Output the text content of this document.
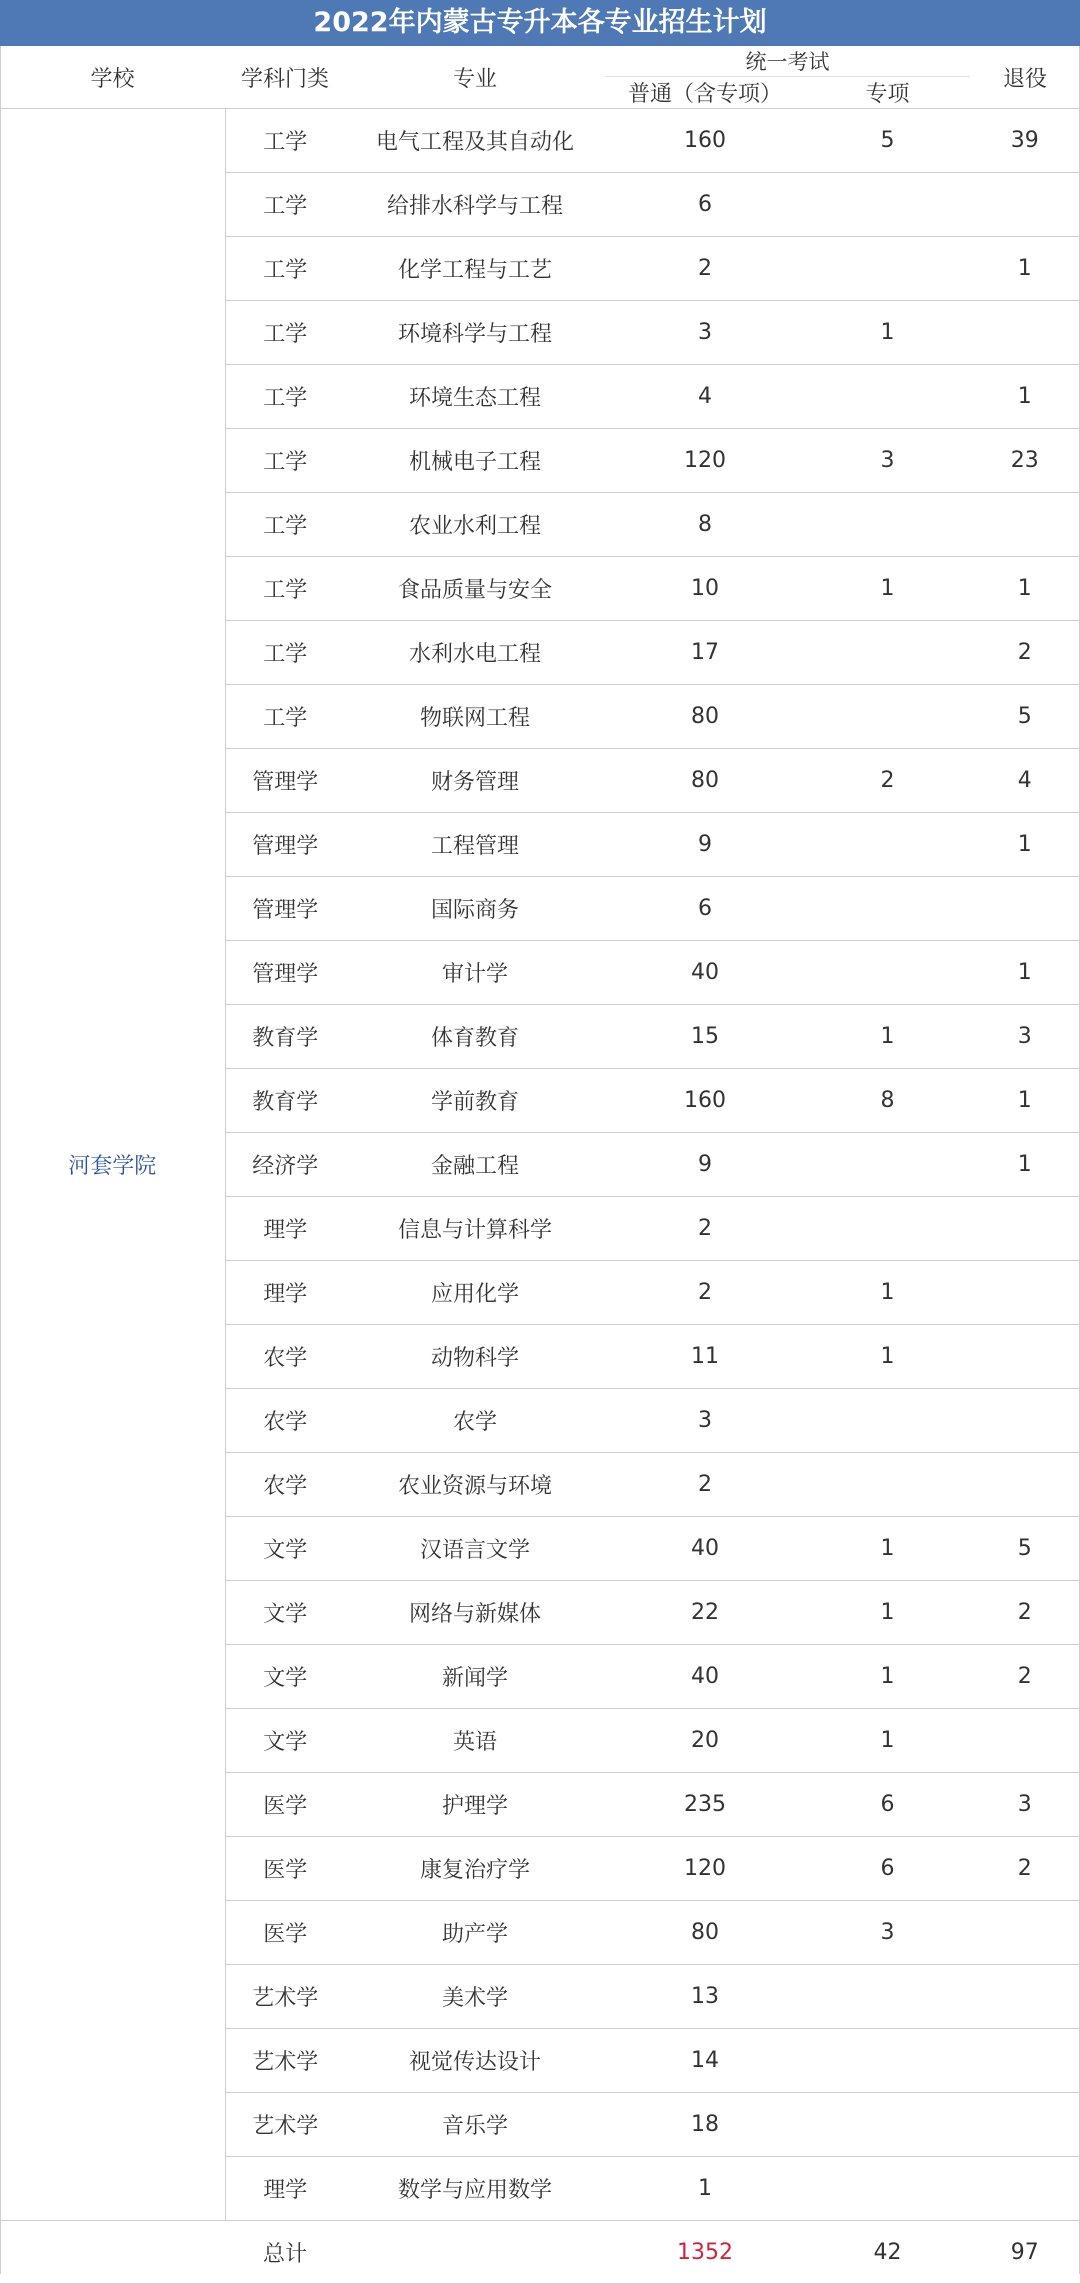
2022年内蒙古专升本各专业招生计划
学校	学科门类	专业	统一考试		退役
			普通（含专项）	专项	
河套学院	工学	电气工程及其自动化	160	5	39
	工学	给排水科学与工程	6		
	工学	化学工程与工艺	2		1
	工学	环境科学与工程	3	1	
	工学	环境生态工程	4		1
	工学	机械电子工程	120	3	23
	工学	农业水利工程	8		
	工学	食品质量与安全	10	1	1
	工学	水利水电工程	17		2
	工学	物联网工程	80		5
	管理学	财务管理	80	2	4
	管理学	工程管理	9		1
	管理学	国际商务	6		
	管理学	审计学	40		1
	教育学	体育教育	15	1	3
	教育学	学前教育	160	8	1
	经济学	金融工程	9		1
	理学	信息与计算科学	2		
	理学	应用化学	2	1	
	农学	动物科学	11	1	
	农学	农学	3		
	农学	农业资源与环境	2		
	文学	汉语言文学	40	1	5
	文学	网络与新媒体	22	1	2
	文学	新闻学	40	1	2
	文学	英语	20	1	
	医学	护理学	235	6	3
	医学	康复治疗学	120	6	2
	医学	助产学	80	3	
	艺术学	美术学	13		
	艺术学	视觉传达设计	14		
	艺术学	音乐学	18		
	理学	数学与应用数学	1		
	总计		1352	42	97
